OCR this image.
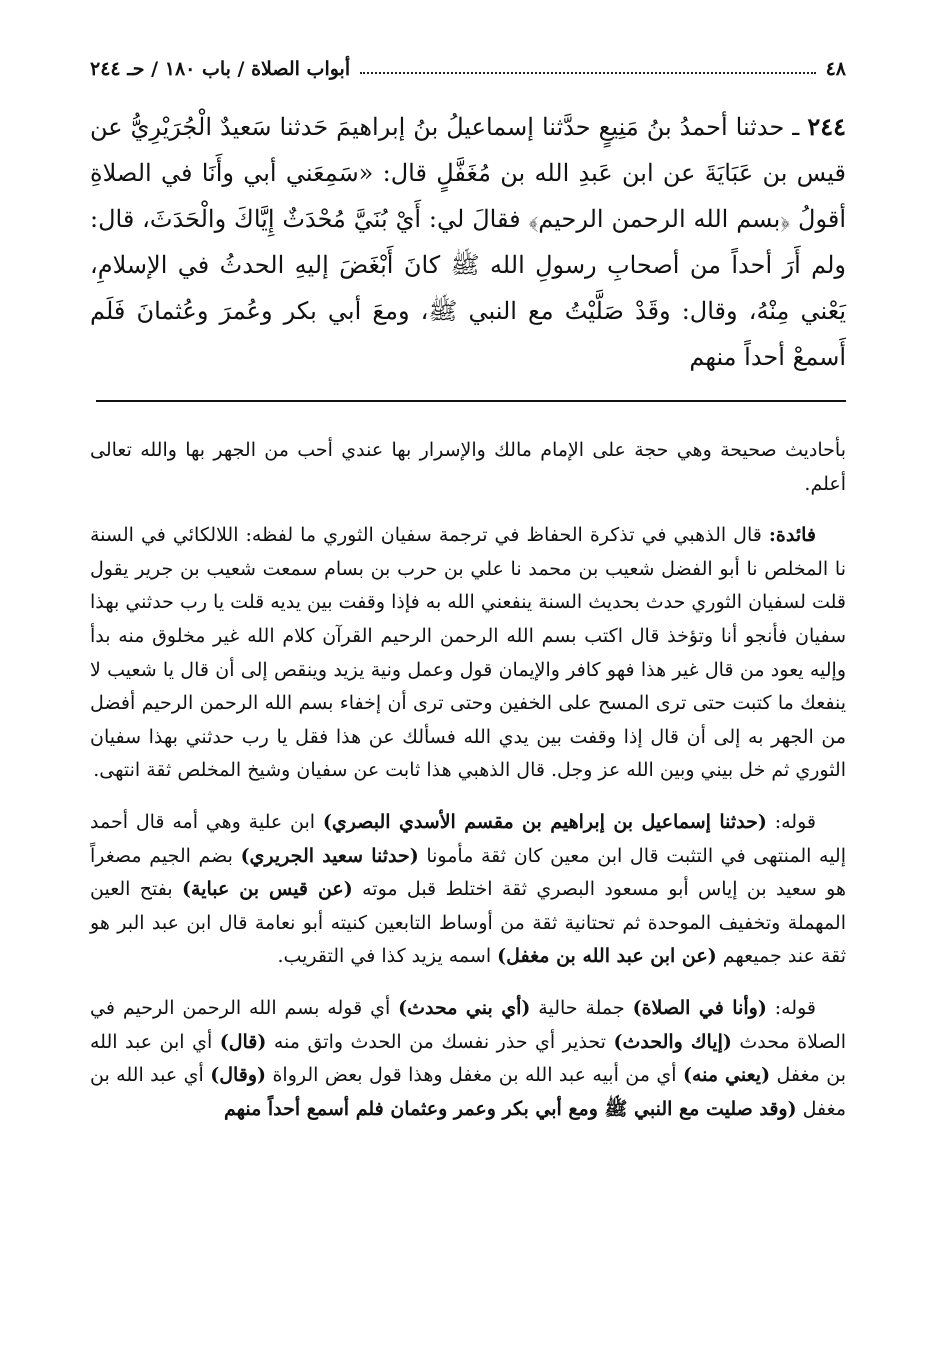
٤٨
أبواب الصلاة / باب ١٨٠ / حـ ٢٤٤

٢٤٤ ـ حدثنا أحمدُ بنُ مَنِيعٍ حدَّثنا إسماعيلُ بنُ إبراهيمَ حَدثنا سَعيدٌ الْجُرَيْرِيُّ عن قيس بن عَبَايَةَ عن ابن عَبدِ الله بن مُغَفَّلٍ قال: «سَمِعَني أبي وأَنَا في الصلاةِ أقولُ ﴿بسم الله الرحمن الرحيم﴾ فقالَ لي: أَيْ بُنَيَّ مُحْدَثٌ إِيَّاكَ والْحَدَثَ، قال: ولم أَرَ أحداً من أصحابِ رسولِ الله ﷺ كانَ أَبْغَضَ إليهِ الحدثُ في الإسلامِ، يَعْني مِنْهُ، وقال: وقَدْ صَلَّيْتُ مع النبي ﷺ، ومعَ أبي بكر وعُمرَ وعُثمانَ فَلَم أَسمعْ أحداً منهم

بأحاديث صحيحة وهي حجة على الإمام مالك والإسرار بها عندي أحب من الجهر بها والله تعالى أعلم.

فائدة: قال الذهبي في تذكرة الحفاظ في ترجمة سفيان الثوري ما لفظه: اللالكائي في السنة نا المخلص نا أبو الفضل شعيب بن محمد نا علي بن حرب بن بسام سمعت شعيب بن جرير يقول قلت لسفيان الثوري حدث بحديث السنة ينفعني الله به فإذا وقفت بين يديه قلت يا رب حدثني بهذا سفيان فأنجو أنا وتؤخذ قال اكتب بسم الله الرحمن الرحيم القرآن كلام الله غير مخلوق منه بدأ وإليه يعود من قال غير هذا فهو كافر والإيمان قول وعمل ونية يزيد وينقص إلى أن قال يا شعيب لا ينفعك ما كتبت حتى ترى المسح على الخفين وحتى ترى أن إخفاء بسم الله الرحمن الرحيم أفضل من الجهر به إلى أن قال إذا وقفت بين يدي الله فسألك عن هذا فقل يا رب حدثني بهذا سفيان الثوري ثم خل بيني وبين الله عز وجل. قال الذهبي هذا ثابت عن سفيان وشيخ المخلص ثقة انتهى.

قوله: (حدثنا إسماعيل بن إبراهيم بن مقسم الأسدي البصري) ابن علية وهي أمه قال أحمد إليه المنتهى في التثبت قال ابن معين كان ثقة مأمونا (حدثنا سعيد الجريري) بضم الجيم مصغراً هو سعيد بن إياس أبو مسعود البصري ثقة اختلط قبل موته (عن قيس بن عباية) بفتح العين المهملة وتخفيف الموحدة ثم تحتانية ثقة من أوساط التابعين كنيته أبو نعامة قال ابن عبد البر هو ثقة عند جميعهم (عن ابن عبد الله بن مغفل) اسمه يزيد كذا في التقريب.

قوله: (وأنا في الصلاة) جملة حالية (أي بني محدث) أي قوله بسم الله الرحمن الرحيم في الصلاة محدث (إياك والحدث) تحذير أي حذر نفسك من الحدث واتق منه (قال) أي ابن عبد الله بن مغفل (يعني منه) أي من أبيه عبد الله بن مغفل وهذا قول بعض الرواة (وقال) أي عبد الله بن مغفل (وقد صليت مع النبي ﷺ ومع أبي بكر وعمر وعثمان فلم أسمع أحداً منهم
